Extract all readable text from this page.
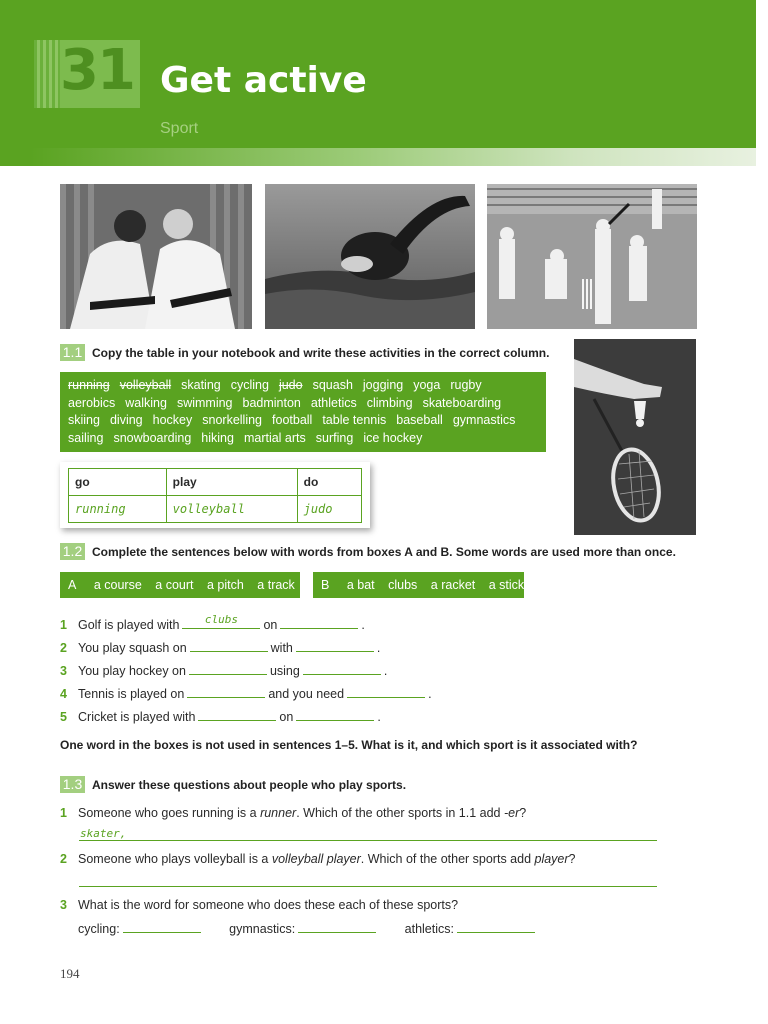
31 Get active
Sport
1.1 Copy the table in your notebook and write these activities in the correct column.
running volleyball skating cycling judo squash jogging yoga rugby
aerobics walking swimming badminton athletics climbing skateboarding
skiing diving hockey snorkelling football table tennis baseball gymnastics
sailing snowboarding hiking martial arts surfing ice hockey
go	play	do
running	volleyball	judo
1.2 Complete the sentences below with words from boxes A and B. Some words are used more than once.
A a course a court a pitch a track	B a bat clubs a racket a stick
1 Golf is played with	clubs	on	.
2 You play squash on	with	.
3 You play hockey on	using	.
4 Tennis is played on	and you need	.
5 Cricket is played with	on	.
One word in the boxes is not used in sentences 1–5. What is it, and which sport is it associated with?
1.3 Answer these questions about people who play sports.
1 Someone who goes running is a runner. Which of the other sports in 1.1 add -er?
skater,
2 Someone who plays volleyball is a volleyball player. Which of the other sports add player?
3 What is the word for someone who does these each of these sports?
cycling:	gymnastics:	athletics:
194
